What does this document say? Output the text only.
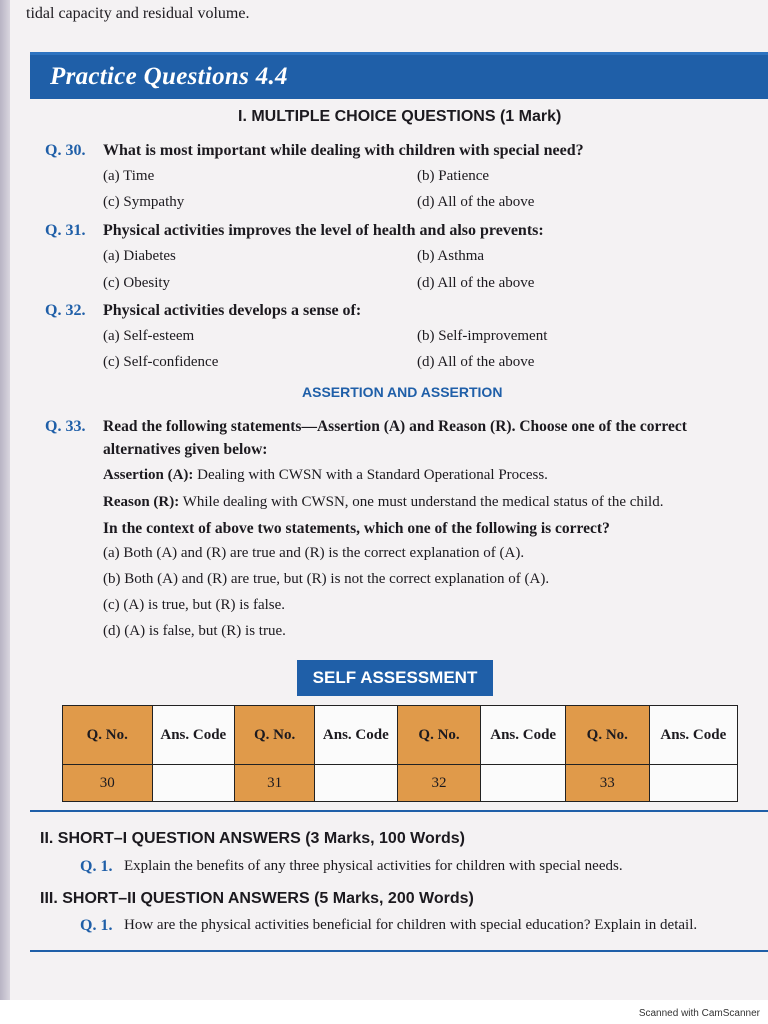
tidal capacity and residual volume.
Practice Questions 4.4
I. MULTIPLE CHOICE QUESTIONS (1 Mark)
Q. 30. What is most important while dealing with children with special need?
(a) Time	(b) Patience
(c) Sympathy	(d) All of the above
Q. 31. Physical activities improves the level of health and also prevents:
(a) Diabetes	(b) Asthma
(c) Obesity	(d) All of the above
Q. 32. Physical activities develops a sense of:
(a) Self-esteem	(b) Self-improvement
(c) Self-confidence	(d) All of the above
ASSERTION AND ASSERTION
Q. 33. Read the following statements—Assertion (A) and Reason (R). Choose one of the correct
alternatives given below:
Assertion (A): Dealing with CWSN with a Standard Operational Process.
Reason (R): While dealing with CWSN, one must understand the medical status of the child.
In the context of above two statements, which one of the following is correct?
(a) Both (A) and (R) are true and (R) is the correct explanation of (A).
(b) Both (A) and (R) are true, but (R) is not the correct explanation of (A).
(c) (A) is true, but (R) is false.
(d) (A) is false, but (R) is true.
SELF ASSESSMENT
Q. No.	Ans. Code	Q. No.	Ans. Code	Q. No.	Ans. Code	Q. No.	Ans. Code
30		31		32		33	
II. SHORT–I QUESTION ANSWERS (3 Marks, 100 Words)
Q. 1. Explain the benefits of any three physical activities for children with special needs.
III. SHORT–II QUESTION ANSWERS (5 Marks, 200 Words)
Q. 1. How are the physical activities beneficial for children with special education? Explain in detail.
Scanned with CamScanner
